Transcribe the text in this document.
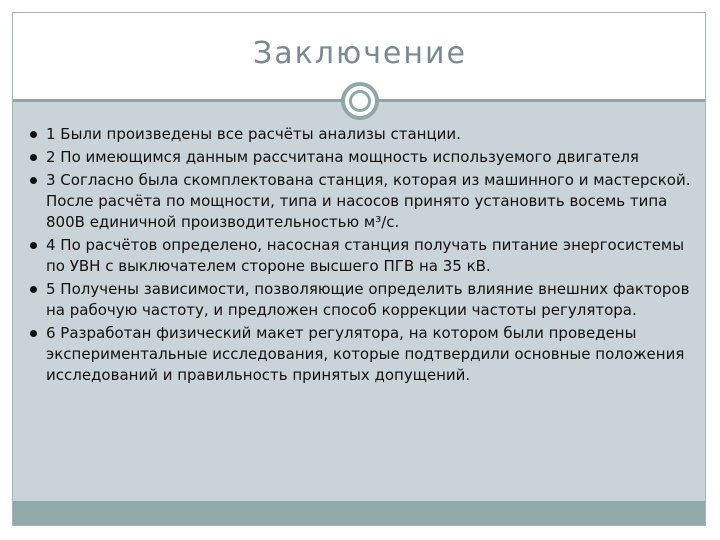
Заключение
1 Были произведены все расчёты анализы станции.
2 По имеющимся данным рассчитана мощность используемого двигателя
3 Согласно была скомплектована станция, которая из машинного и мастерской. После расчёта по мощности, типа и насосов принято установить восемь типа 800В единичной производительностью м³/с.
4 По расчётов определено, насосная станция получать питание энергосистемы по УВН с выключателем стороне высшего ПГВ на 35 кВ.
5 Получены зависимости, позволяющие определить влияние внешних факторов на рабочую частоту, и предложен способ коррекции частоты регулятора.
6 Разработан физический макет регулятора, на котором были проведены экспериментальные исследования, которые подтвердили основные положения исследований и правильность принятых допущений.
